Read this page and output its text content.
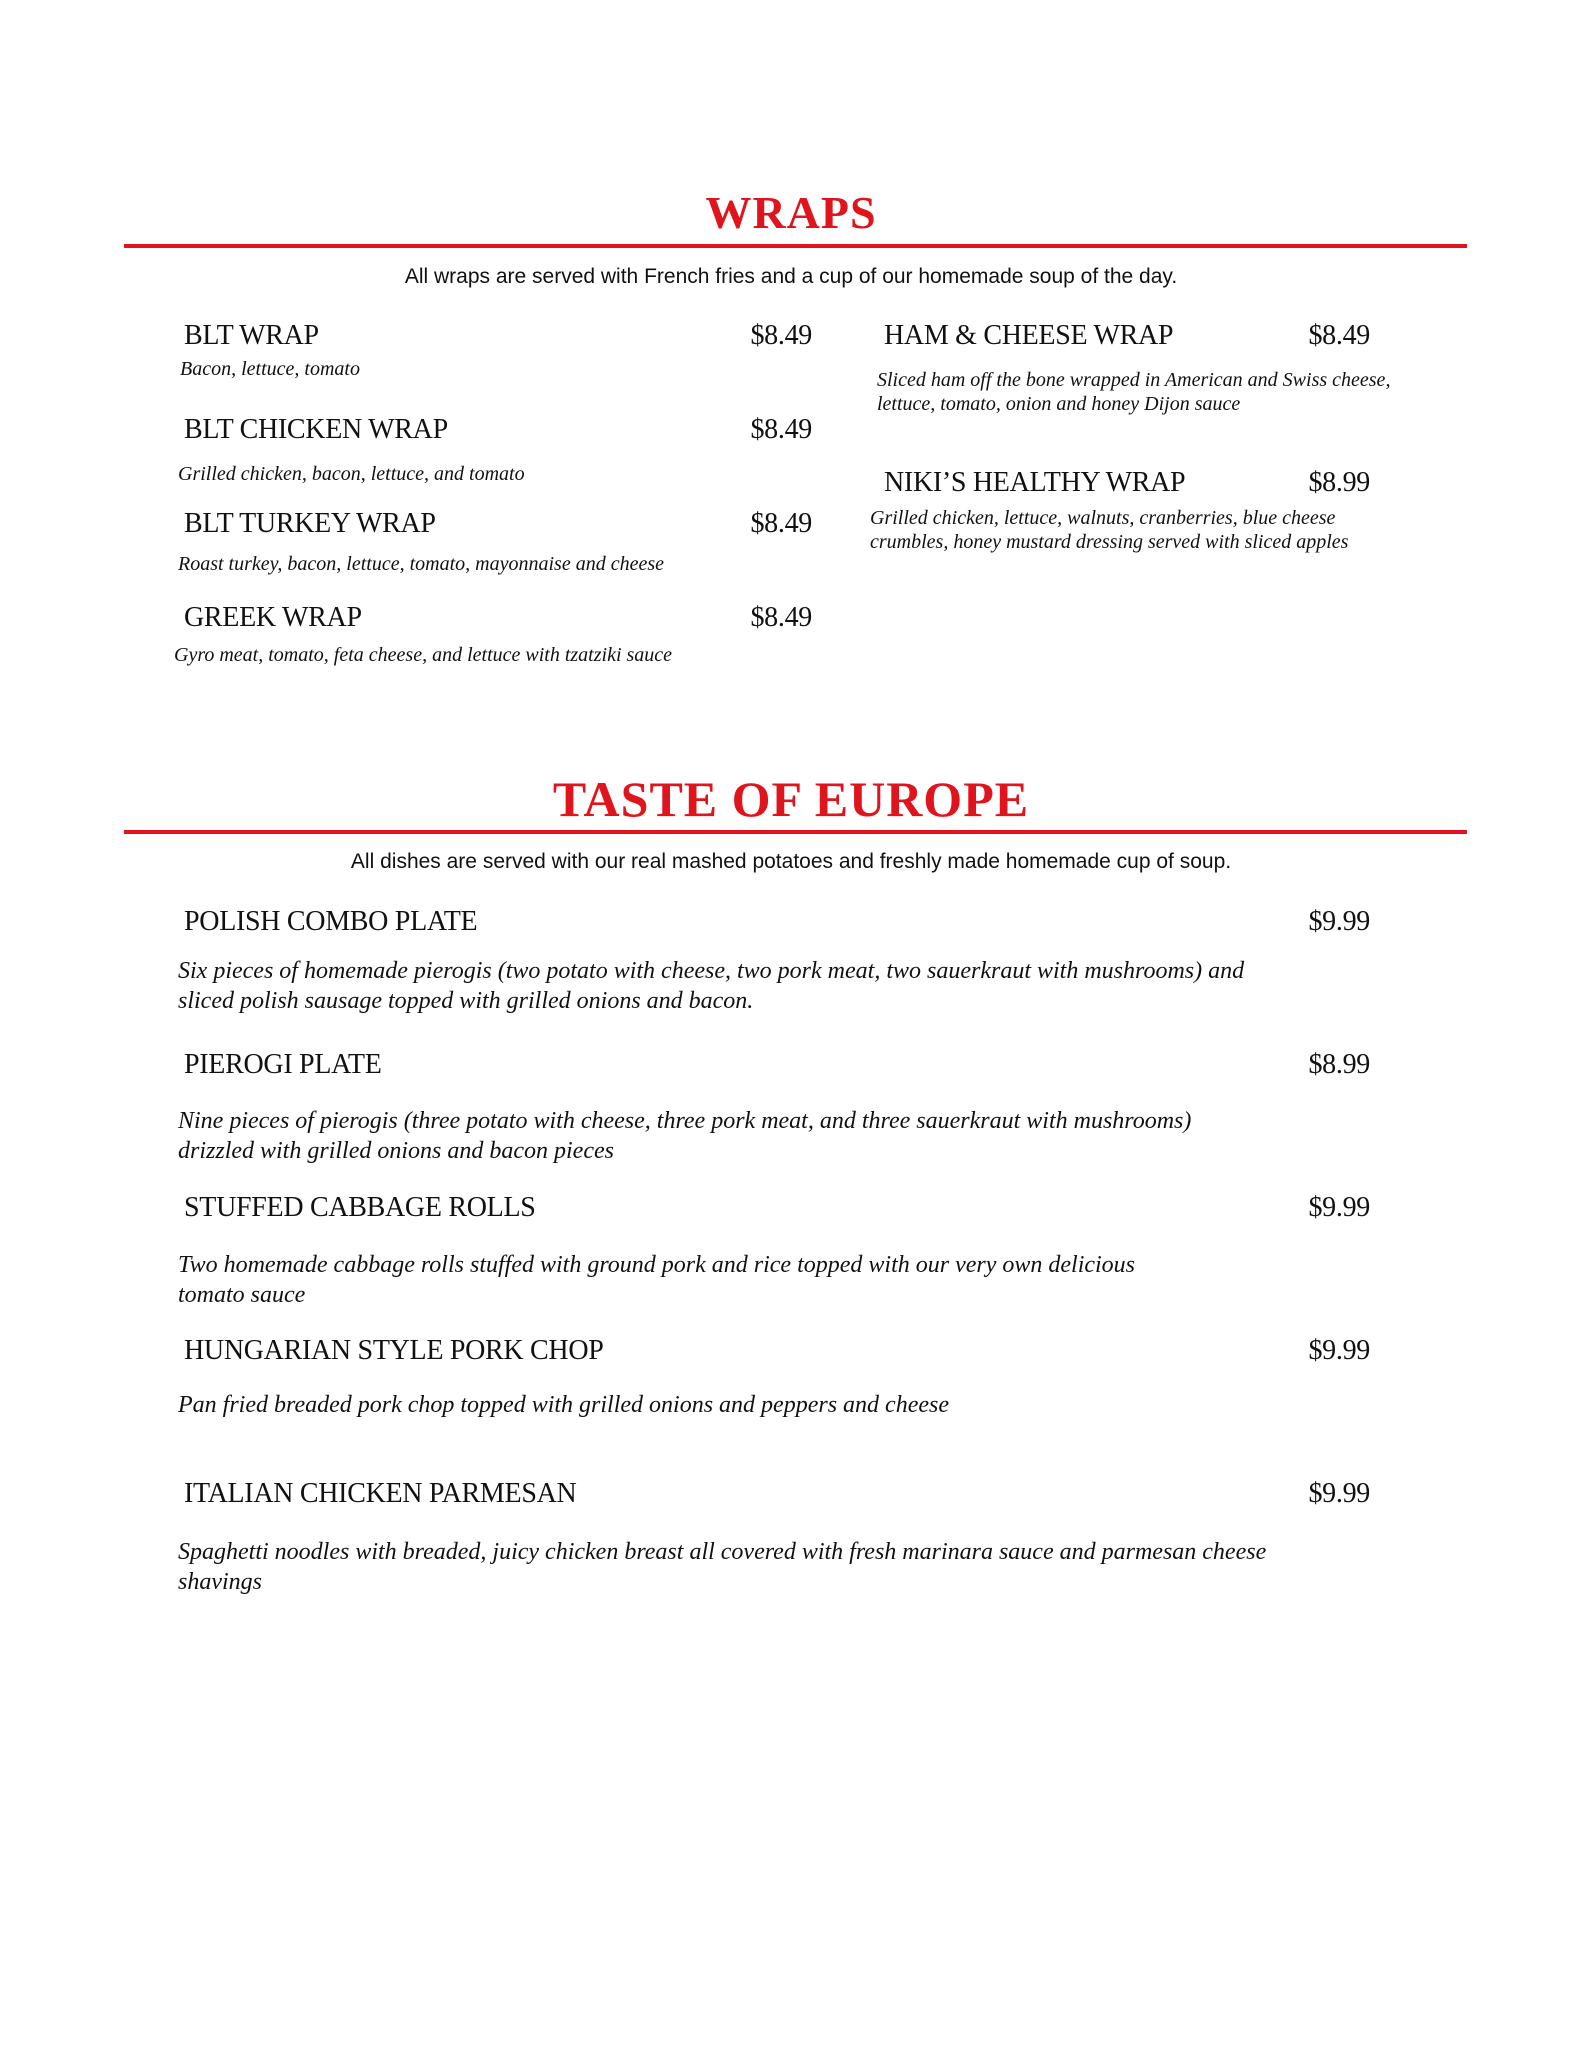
WRAPS
All wraps are served with French fries and a cup of our homemade soup of the day.
BLT WRAP	$8.49
Bacon, lettuce, tomato
BLT CHICKEN WRAP	$8.49
Grilled chicken, bacon, lettuce, and tomato
BLT TURKEY WRAP	$8.49
Roast turkey, bacon, lettuce, tomato, mayonnaise and cheese
GREEK WRAP	$8.49
Gyro meat, tomato, feta cheese, and lettuce with tzatziki sauce
HAM & CHEESE WRAP	$8.49
Sliced ham off the bone wrapped in American and Swiss cheese,
lettuce, tomato, onion and honey Dijon sauce
NIKI’S HEALTHY WRAP	$8.99
Grilled chicken, lettuce, walnuts, cranberries, blue cheese
crumbles, honey mustard dressing served with sliced apples
TASTE OF EUROPE
All dishes are served with our real mashed potatoes and freshly made homemade cup of soup.
POLISH COMBO PLATE	$9.99
Six pieces of homemade pierogis (two potato with cheese, two pork meat, two sauerkraut with mushrooms) and
sliced polish sausage topped with grilled onions and bacon.
PIEROGI PLATE	$8.99
Nine pieces of pierogis (three potato with cheese, three pork meat, and three sauerkraut with mushrooms)
drizzled with grilled onions and bacon pieces
STUFFED CABBAGE ROLLS	$9.99
Two homemade cabbage rolls stuffed with ground pork and rice topped with our very own delicious
tomato sauce
HUNGARIAN STYLE PORK CHOP	$9.99
Pan fried breaded pork chop topped with grilled onions and peppers and cheese
ITALIAN CHICKEN PARMESAN	$9.99
Spaghetti noodles with breaded, juicy chicken breast all covered with fresh marinara sauce and parmesan cheese
shavings
